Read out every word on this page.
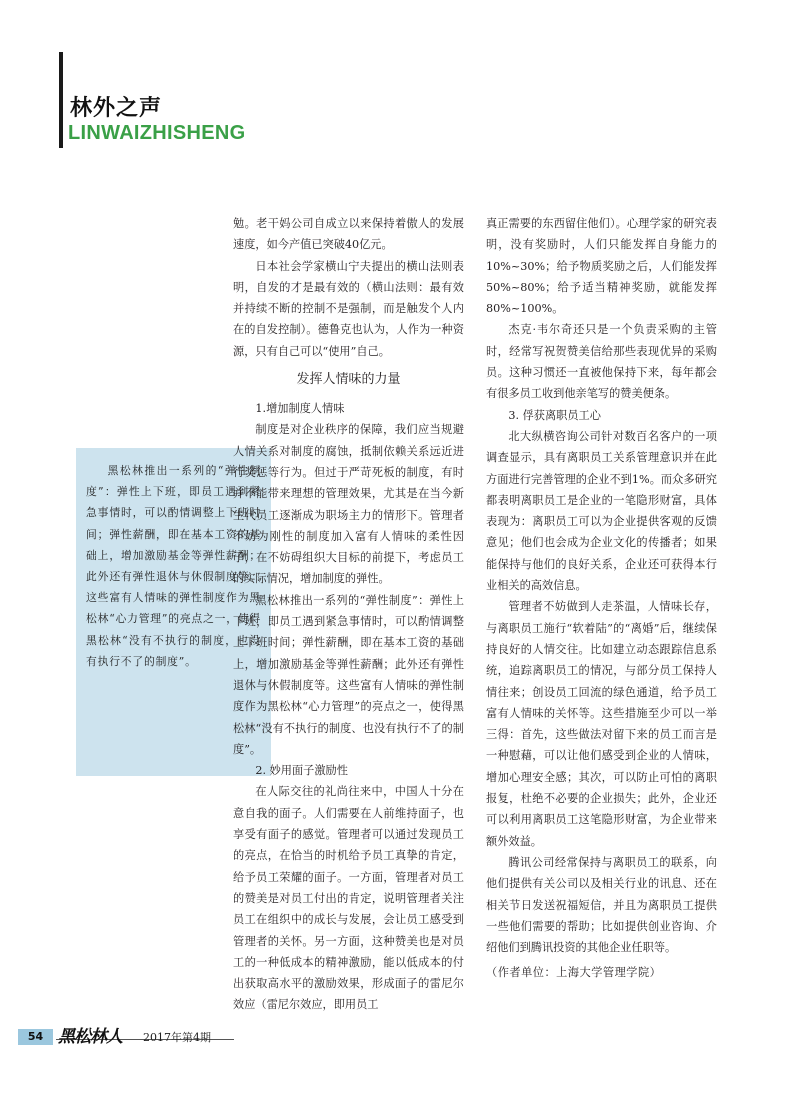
林外之声
LINWAIZHISHENG

黑松林推出一系列的“弹性制度”：弹性上下班，即员工遇到紧急事情时，可以酌情调整上下班时间；弹性薪酬，即在基本工资的基础上，增加激励基金等弹性薪酬；此外还有弹性退休与休假制度等。这些富有人情味的弹性制度作为黑松林“心力管理”的亮点之一，使得黑松林“没有不执行的制度，也没有执行不了的制度”。

勉。老干妈公司自成立以来保持着傲人的发展速度，如今产值已突破40亿元。

日本社会学家横山宁夫提出的横山法则表明，自发的才是最有效的（横山法则：最有效并持续不断的控制不是强制，而是触发个人内在的自发控制）。德鲁克也认为，人作为一种资源，只有自己可以“使用”自己。

发挥人情味的力量

1.增加制度人情味

制度是对企业秩序的保障，我们应当规避人情关系对制度的腐蚀，抵制依赖关系远近进行奖惩等行为。但过于严苛死板的制度，有时并不能带来理想的管理效果，尤其是在当今新生代员工逐渐成为职场主力的情形下。管理者不妨为刚性的制度加入富有人情味的柔性因子，在不妨碍组织大目标的前提下，考虑员工的实际情况，增加制度的弹性。

黑松林推出一系列的“弹性制度”：弹性上下班，即员工遇到紧急事情时，可以酌情调整上下班时间；弹性薪酬，即在基本工资的基础上，增加激励基金等弹性薪酬；此外还有弹性退休与休假制度等。这些富有人情味的弹性制度作为黑松林“心力管理”的亮点之一，使得黑松林“没有不执行的制度、也没有执行不了的制度”。

2. 妙用面子激励性

在人际交往的礼尚往来中，中国人十分在意自我的面子。人们需要在人前维持面子，也享受有面子的感觉。管理者可以通过发现员工的亮点，在恰当的时机给予员工真挚的肯定，给予员工荣耀的面子。一方面，管理者对员工的赞美是对员工付出的肯定，说明管理者关注员工在组织中的成长与发展，会让员工感受到管理者的关怀。另一方面，这种赞美也是对员工的一种低成本的精神激励，能以低成本的付出获取高水平的激励效果，形成面子的雷尼尔效应（雷尼尔效应，即用员工

真正需要的东西留住他们）。心理学家的研究表明，没有奖励时，人们只能发挥自身能力的10%~30%；给予物质奖励之后，人们能发挥50%~80%；给予适当精神奖励，就能发挥80%~100%。

杰克·韦尔奇还只是一个负责采购的主管时，经常写祝贺赞美信给那些表现优异的采购员。这种习惯还一直被他保持下来，每年都会有很多员工收到他亲笔写的赞美便条。

3. 俘获离职员工心

北大纵横咨询公司针对数百名客户的一项调查显示，具有离职员工关系管理意识并在此方面进行完善管理的企业不到1%。而众多研究都表明离职员工是企业的一笔隐形财富，具体表现为：离职员工可以为企业提供客观的反馈意见；他们也会成为企业文化的传播者；如果能保持与他们的良好关系，企业还可获得本行业相关的高效信息。

管理者不妨做到人走茶温，人情味长存，与离职员工施行“软着陆”的“离婚”后，继续保持良好的人情交往。比如建立动态跟踪信息系统，追踪离职员工的情况，与部分员工保持人情往来；创设员工回流的绿色通道，给予员工富有人情味的关怀等。这些措施至少可以一举三得：首先，这些做法对留下来的员工而言是一种慰藉，可以让他们感受到企业的人情味，增加心理安全感；其次，可以防止可怕的离职报复，杜绝不必要的企业损失；此外，企业还可以利用离职员工这笔隐形财富，为企业带来额外效益。

腾讯公司经常保持与离职员工的联系，向他们提供有关公司以及相关行业的讯息、还在相关节日发送祝福短信，并且为离职员工提供一些他们需要的帮助；比如提供创业咨询、介绍他们到腾讯投资的其他企业任职等。

（作者单位：上海大学管理学院）

54 黑松林人 2017年第4期
